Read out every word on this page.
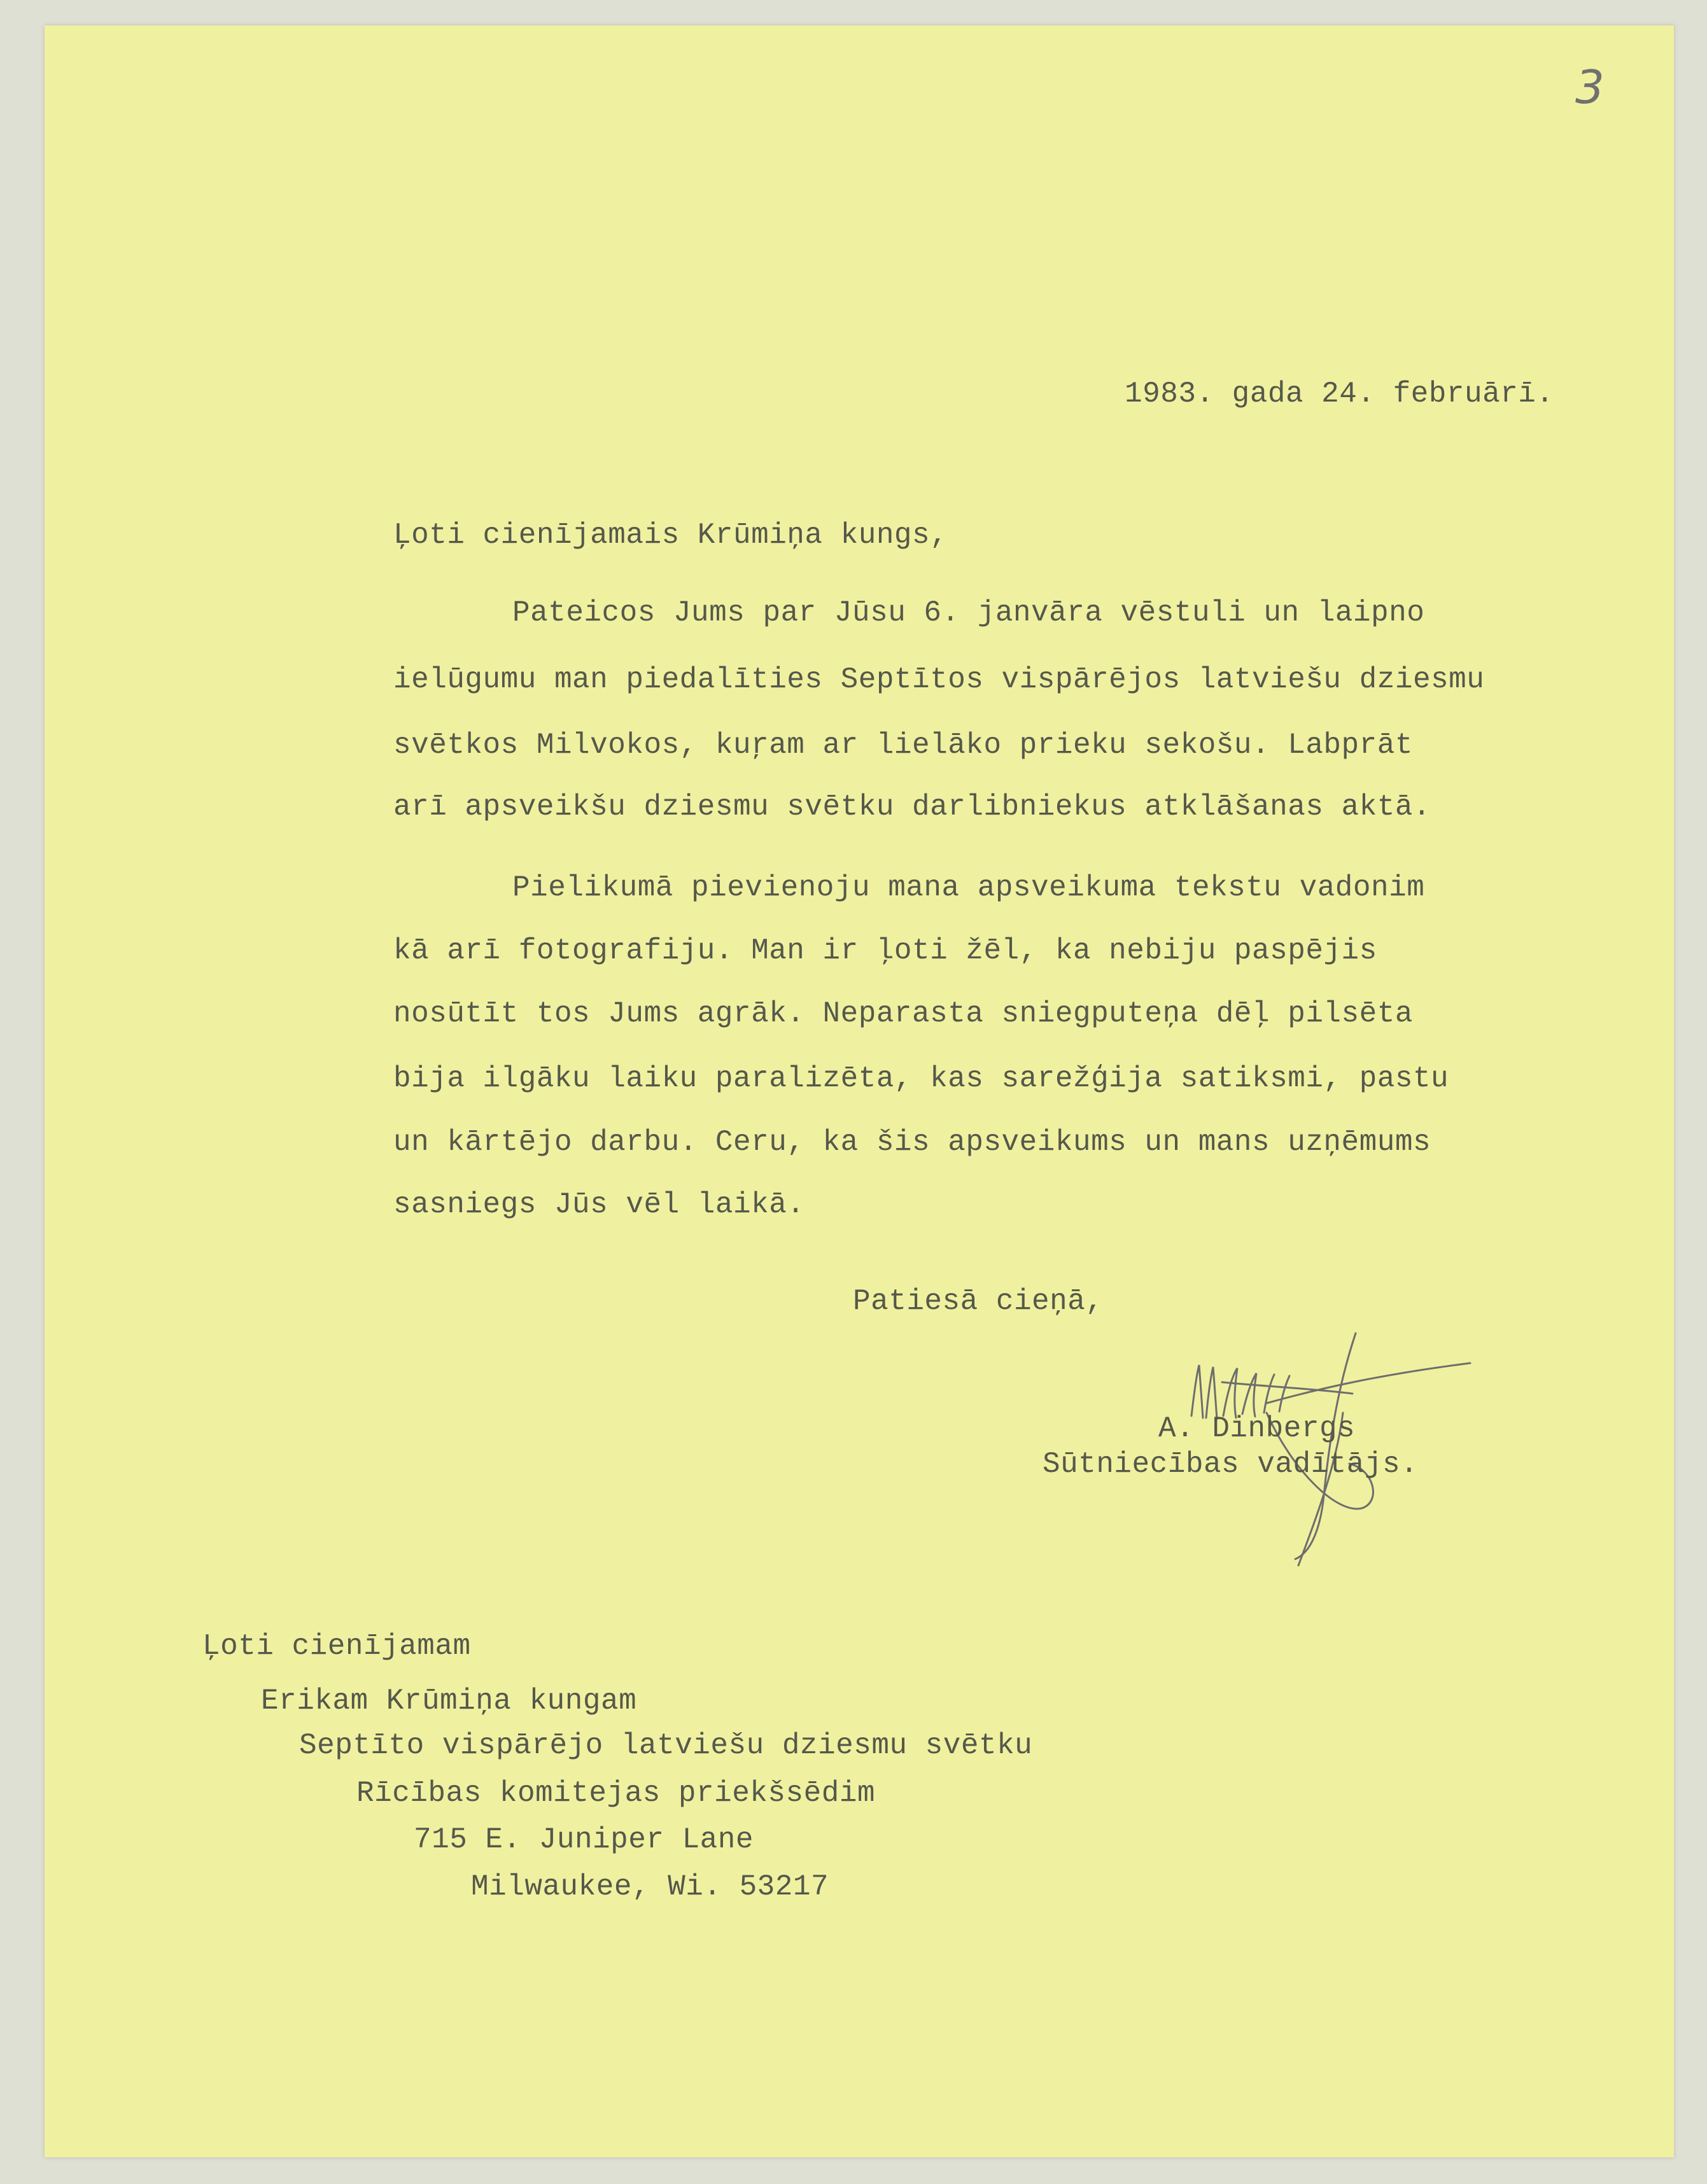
3
1983. gada 24. februārī.
Ļoti cienījamais Krūmiņa kungs,
Pateicos Jums par Jūsu 6. janvāra vēstuli un laipno
ielūgumu man piedalīties Septītos vispārējos latviešu dziesmu
svētkos Milvokos, kuŗam ar lielāko prieku sekošu. Labprāt
arī apsveikšu dziesmu svētku darlibniekus atklāšanas aktā.
Pielikumā pievienoju mana apsveikuma tekstu vadonim
kā arī fotografiju. Man ir ļoti žēl, ka nebiju paspējis
nosūtīt tos Jums agrāk. Neparasta sniegputeņa dēļ pilsēta
bija ilgāku laiku paralizēta, kas sarežģija satiksmi, pastu
un kārtējo darbu. Ceru, ka šis apsveikums un mans uzņēmums
sasniegs Jūs vēl laikā.
Patiesā cieņā,
A. Dinbergs
Sūtniecības vadītājs.
Ļoti cienījamam
Erikam Krūmiņa kungam
Septīto vispārējo latviešu dziesmu svētku
Rīcības komitejas priekšsēdim
715 E. Juniper Lane
Milwaukee, Wi. 53217
